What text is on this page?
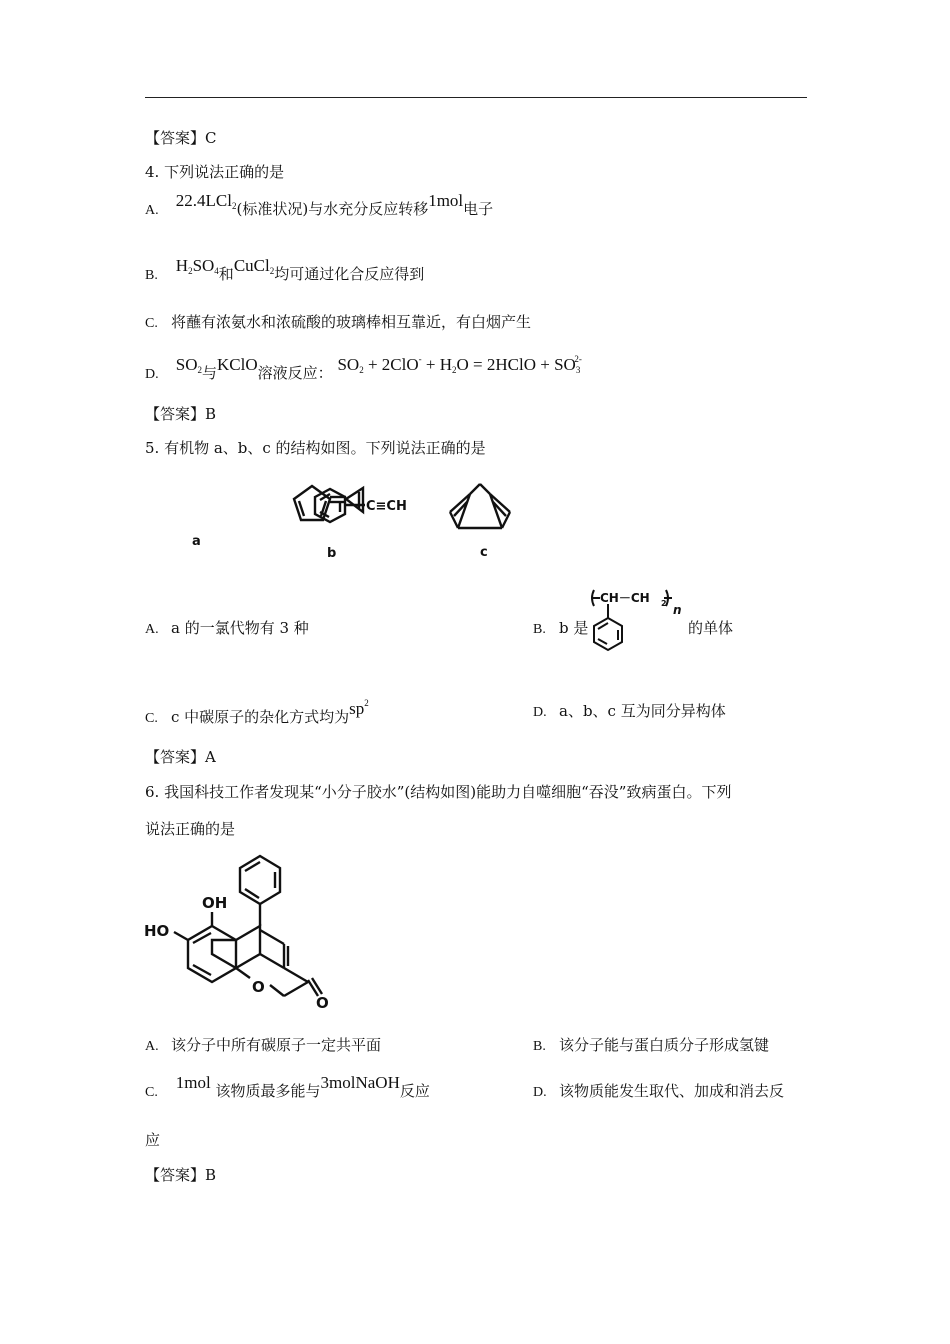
【答案】C
4. 下列说法正确的是
A. 22.4LCl$_2$(标准状况)与水充分反应转移1mol电子
B. $H_2SO_4$和CuCl$_2$均可通过化合反应得到
C. 将蘸有浓氨水和浓硫酸的玻璃棒相互靠近，有白烟产生
D. $SO_2$与KClO溶液反应： $SO_2 + 2ClO^- + H_2O$ = 2HClO + $SO_3^{2-}$
【答案】B
5. 有机物 a、b、c 的结构如图。下列说法正确的是
a
b
C≡CH
c
A. a 的一氯代物有 3 种	B. b 是
CH－CH 2 n
的单体
C. c 中碳原子的杂化方式均为$sp^2$
D. a、b、c 互为同分异构体
【答案】A
6. 我国科技工作者发现某“小分子胶水”(结构如图)能助力自噬细胞“吞没”致病蛋白。下列
说法正确的是
OH
HO
O
O
A. 该分子中所有碳原子一定共平面	B. 该分子能与蛋白质分子形成氢键
C. 1mol 该物质最多能与3molNaOH反应	D. 该物质能发生取代、加成和消去反
应
【答案】B
